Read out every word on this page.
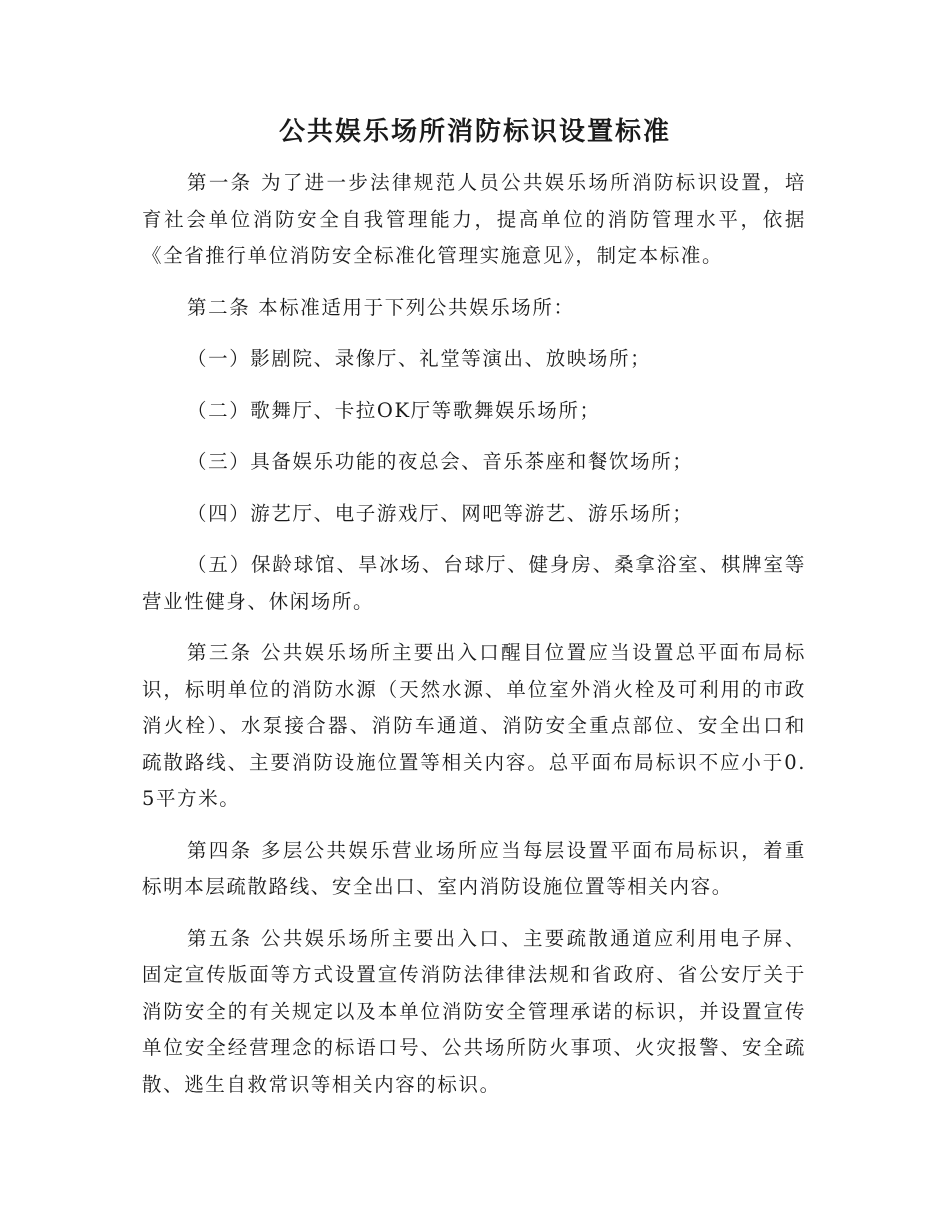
公共娱乐场所消防标识设置标准

第一条 为了进一步法律规范人员公共娱乐场所消防标识设置，培育社会单位消防安全自我管理能力，提高单位的消防管理水平，依据《全省推行单位消防安全标准化管理实施意见》，制定本标准。

第二条 本标准适用于下列公共娱乐场所：

（一）影剧院、录像厅、礼堂等演出、放映场所；

（二）歌舞厅、卡拉OK厅等歌舞娱乐场所；

（三）具备娱乐功能的夜总会、音乐茶座和餐饮场所；

（四）游艺厅、电子游戏厅、网吧等游艺、游乐场所；

（五）保龄球馆、旱冰场、台球厅、健身房、桑拿浴室、棋牌室等营业性健身、休闲场所。

第三条 公共娱乐场所主要出入口醒目位置应当设置总平面布局标识，标明单位的消防水源（天然水源、单位室外消火栓及可利用的市政消火栓）、水泵接合器、消防车通道、消防安全重点部位、安全出口和疏散路线、主要消防设施位置等相关内容。总平面布局标识不应小于0.5平方米。

第四条 多层公共娱乐营业场所应当每层设置平面布局标识，着重标明本层疏散路线、安全出口、室内消防设施位置等相关内容。

第五条 公共娱乐场所主要出入口、主要疏散通道应利用电子屏、固定宣传版面等方式设置宣传消防法律律法规和省政府、省公安厅关于消防安全的有关规定以及本单位消防安全管理承诺的标识，并设置宣传单位安全经营理念的标语口号、公共场所防火事项、火灾报警、安全疏散、逃生自救常识等相关内容的标识。
